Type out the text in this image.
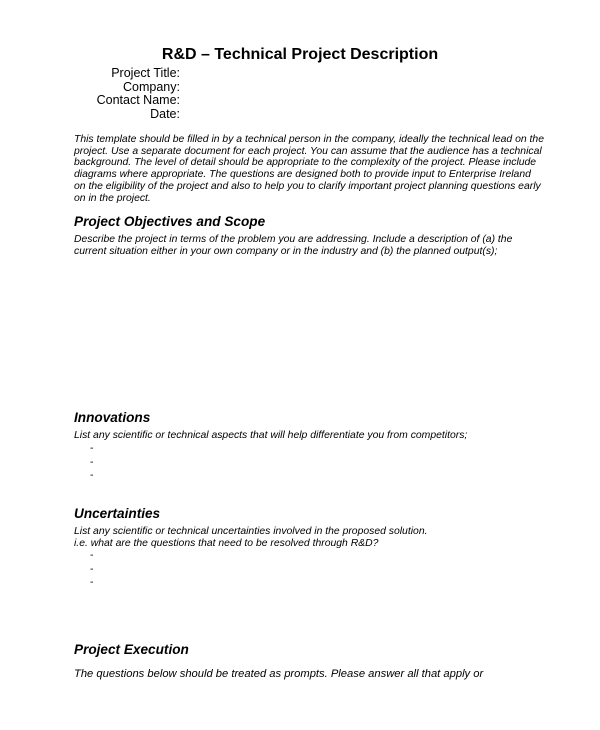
R&D – Technical Project Description
Project Title:
Company:
Contact Name:
Date:
This template should be filled in by a technical person in the company, ideally the technical lead on the project. Use a separate document for each project. You can assume that the audience has a technical background. The level of detail should be appropriate to the complexity of the project. Please include diagrams where appropriate. The questions are designed both to provide input to Enterprise Ireland on the eligibility of the project and also to help you to clarify important project planning questions early on in the project.
Project Objectives and Scope
Describe the project in terms of the problem you are addressing. Include a description of (a) the current situation either in your own company or in the industry and (b) the planned output(s);
Innovations
List any scientific or technical aspects that will help differentiate you from competitors;
-
-
-
Uncertainties
List any scientific or technical uncertainties involved in the proposed solution.
i.e. what are the questions that need to be resolved through R&D?
-
-
-
Project Execution
The questions below should be treated as prompts. Please answer all that apply or
